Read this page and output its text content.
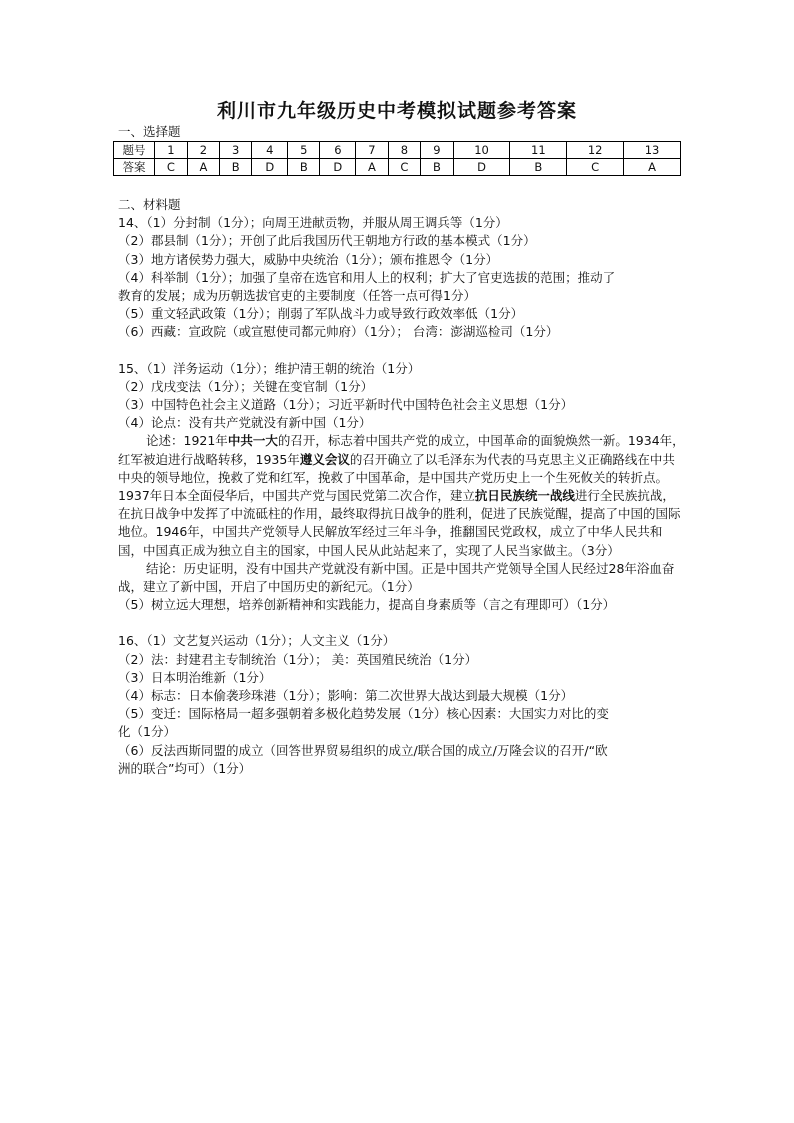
利川市九年级历史中考模拟试题参考答案
一、选择题
题号	1	2	3	4	5	6	7	8	9	10	11	12	13
答案	C	A	B	D	B	D	A	C	B	D	B	C	A

二、材料题

14、（1）分封制（1分）；向周王进献贡物，并服从周王调兵等（1分）

（2）郡县制（1分）；开创了此后我国历代王朝地方行政的基本模式（1分）

（3）地方诸侯势力强大，威胁中央统治（1分）；颁布推恩令（1分）

（4）科举制（1分）；加强了皇帝在选官和用人上的权利；扩大了官吏选拔的范围；推动了

教育的发展；成为历朝选拔官吏的主要制度（任答一点可得1分）

（5）重文轻武政策（1分）；削弱了军队战斗力或导致行政效率低（1分）

（6）西藏：宣政院（或宣慰使司都元帅府）（1分）； 台湾：澎湖巡检司（1分）

15、（1）洋务运动（1分）；维护清王朝的统治（1分）

（2）戊戌变法（1分）；关键在变官制（1分）

（3）中国特色社会主义道路（1分）；习近平新时代中国特色社会主义思想（1分）

（4）论点：没有共产党就没有新中国（1分）

论述：1921年中共一大的召开，标志着中国共产党的成立，中国革命的面貌焕然一新。1934年，红军被迫进行战略转移，1935年遵义会议的召开确立了以毛泽东为代表的马克思主义正确路线在中共中央的领导地位，挽救了党和红军，挽救了中国革命，是中国共产党历史上一个生死攸关的转折点。1937年日本全面侵华后，中国共产党与国民党第二次合作，建立抗日民族统一战线进行全民族抗战，在抗日战争中发挥了中流砥柱的作用，最终取得抗日战争的胜利，促进了民族觉醒，提高了中国的国际地位。1946年，中国共产党领导人民解放军经过三年斗争，推翻国民党政权，成立了中华人民共和国，中国真正成为独立自主的国家，中国人民从此站起来了，实现了人民当家做主。（3分）

结论：历史证明，没有中国共产党就没有新中国。正是中国共产党领导全国人民经过28年浴血奋战，建立了新中国，开启了中国历史的新纪元。（1分）

（5）树立远大理想，培养创新精神和实践能力，提高自身素质等（言之有理即可）（1分）

16、（1）文艺复兴运动（1分）；人文主义（1分）

（2）法：封建君主专制统治（1分）； 美：英国殖民统治（1分）

（3）日本明治维新（1分）

（4）标志：日本偷袭珍珠港（1分）；影响：第二次世界大战达到最大规模（1分）

（5）变迁：国际格局一超多强朝着多极化趋势发展（1分）核心因素：大国实力对比的变

化（1分）

（6）反法西斯同盟的成立（回答世界贸易组织的成立/联合国的成立/万隆会议的召开/“欧

洲的联合”均可）（1分）
